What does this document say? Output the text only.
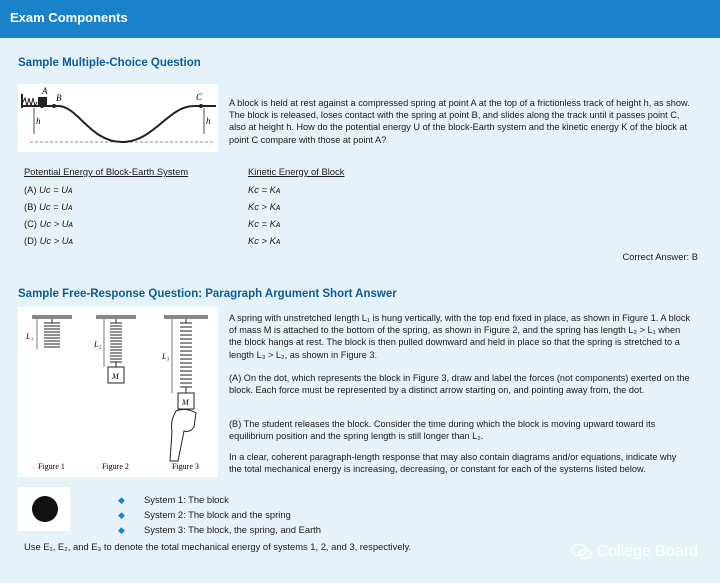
Exam Components
Sample Multiple-Choice Question
A
B	C
h	h
A block is held at rest against a compressed spring at point A at the top of a frictionless track of height h, as show. The block is released, loses contact with the spring at point B, and slides along the track until it passes point C, also at height h. How do the potential energy U of the block-Earth system and the kinetic energy K of the block at point C compare with those at point A?
Potential Energy of Block-Earth System	Kinetic Energy of Block
(A) Uᴄ = Uᴀ	Kᴄ = Kᴀ
(B) Uᴄ = Uᴀ	Kᴄ > Kᴀ
(C) Uᴄ > Uᴀ	Kᴄ = Kᴀ
(D) Uᴄ > Uᴀ	Kᴄ > Kᴀ
Correct Answer: B
Sample Free-Response Question: Paragraph Argument Short Answer
L₁
M
L₂
M
L₃
Figure 1	Figure 2	Figure 3
A spring with unstretched length L₁ is hung vertically, with the top end fixed in place, as shown in Figure 1. A block of mass M is attached to the bottom of the spring, as shown in Figure 2, and the spring has length L₂ > L₁ when the block hangs at rest. The block is then pulled downward and held in place so that the spring is stretched to a length L₃ > L₂, as shown in Figure 3.
(A) On the dot, which represents the block in Figure 3, draw and label the forces (not components) exerted on the block. Each force must be represented by a distinct arrow starting on, and pointing away from, the dot.
(B) The student releases the block. Consider the time during which the block is moving upward toward its equilibrium position and the spring length is still longer than L₂.
In a clear, coherent paragraph-length response that may also contain diagrams and/or equations, indicate why the total mechanical energy is increasing, decreasing, or constant for each of the systems listed below.
◆ System 1: The block
◆ System 2: The block and the spring
◆ System 3: The block, the spring, and Earth
Use E₁, E₂, and E₃ to denote the total mechanical energy of systems 1, 2, and 3, respectively.	College Board
